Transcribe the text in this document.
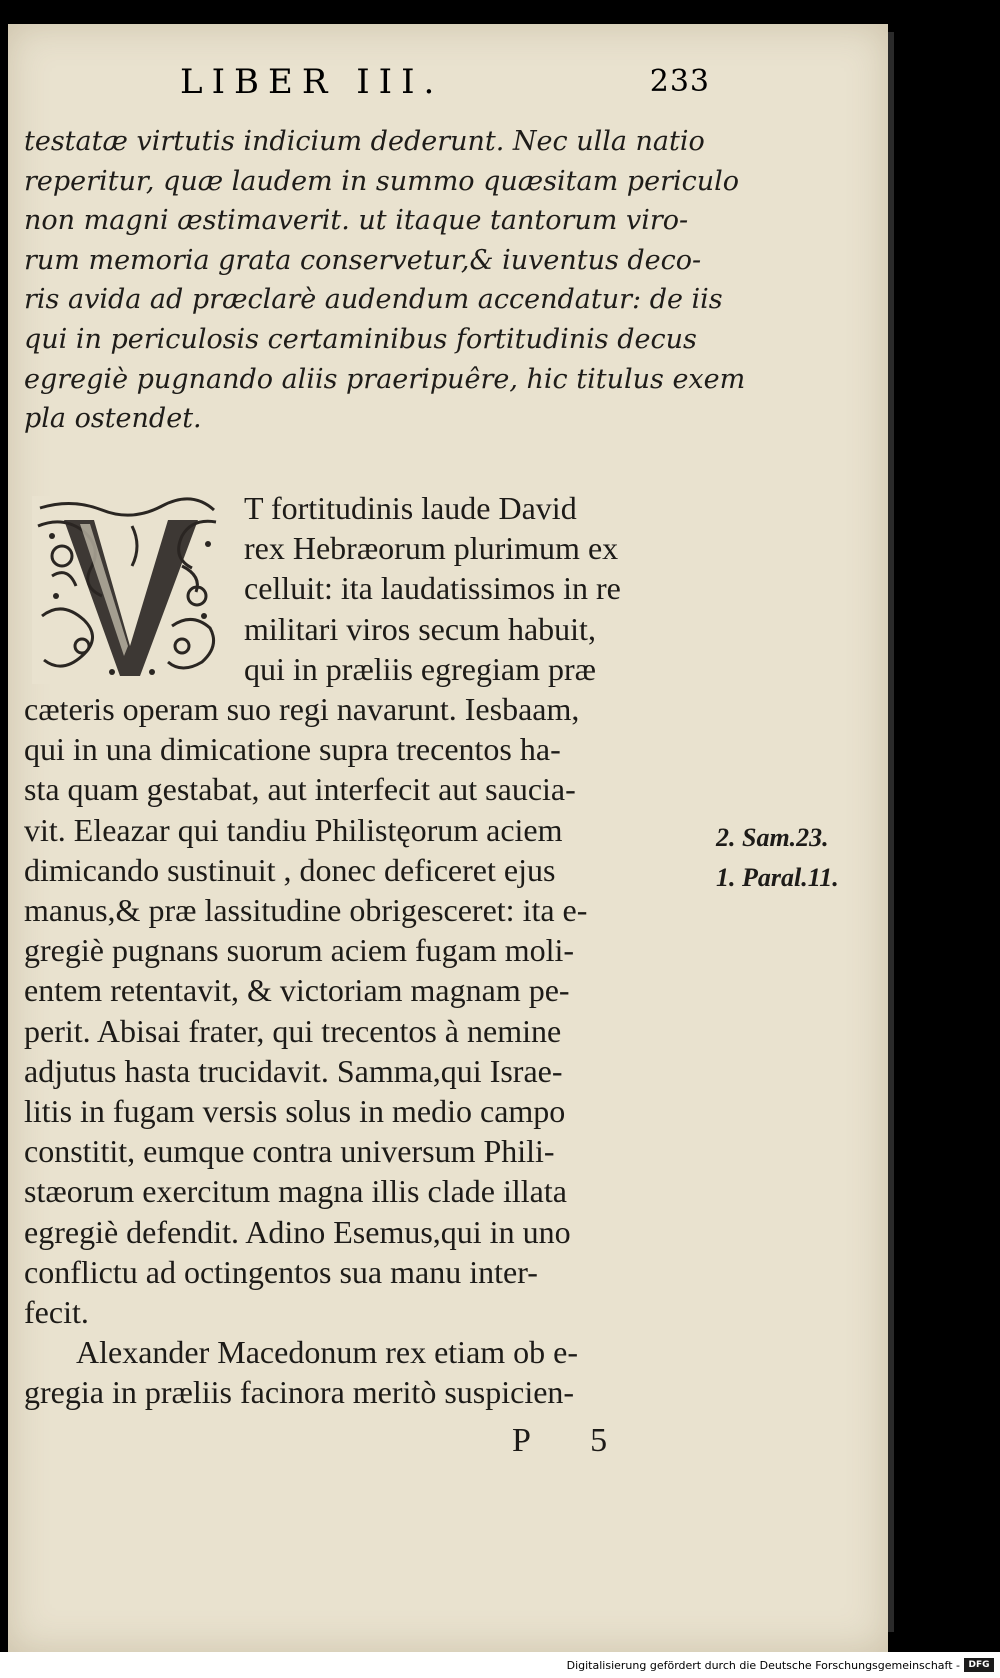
LIBER III.	233
testatæ virtutis indicium dederunt. Nec ulla natio
reperitur, quæ laudem in summo quæsitam periculo
non magni æstimaverit. ut itaque tantorum viro-
rum memoria grata conservetur,& iuventus deco-
ris avida ad præclarè audendum accendatur: de iis
qui in periculosis certaminibus fortitudinis decus
egregiè pugnando aliis praeripuêre, hic titulus exem
pla ostendet.
T fortitudinis laude David
rex Hebræorum plurimum ex
celluit: ita laudatissimos in re
militari viros secum habuit,
qui in præliis egregiam præ
cæteris operam suo regi navarunt. Iesbaam,
qui in una dimicatione supra trecentos ha-
sta quam gestabat, aut interfecit aut saucia-
vit. Eleazar qui tandiu Philistęorum aciem
dimicando sustinuit , donec deficeret ejus
manus,& præ lassitudine obrigesceret: ita e-
gregiè pugnans suorum aciem fugam moli-
entem retentavit, & victoriam magnam pe-
perit. Abisai frater, qui trecentos à nemine
adjutus hasta trucidavit. Samma,qui Israe-
litis in fugam versis solus in medio campo
constitit, eumque contra universum Phili-
stæorum exercitum magna illis clade illata
egregiè defendit. Adino Esemus,qui in uno
conflictu ad octingentos sua manu inter-
fecit.
Alexander Macedonum rex etiam ob e-
gregia in præliis facinora meritò suspicien-
2. Sam.23.
1. Paral.11.
P 5
Digitalisierung gefördert durch die Deutsche Forschungsgemeinschaft - DFG
